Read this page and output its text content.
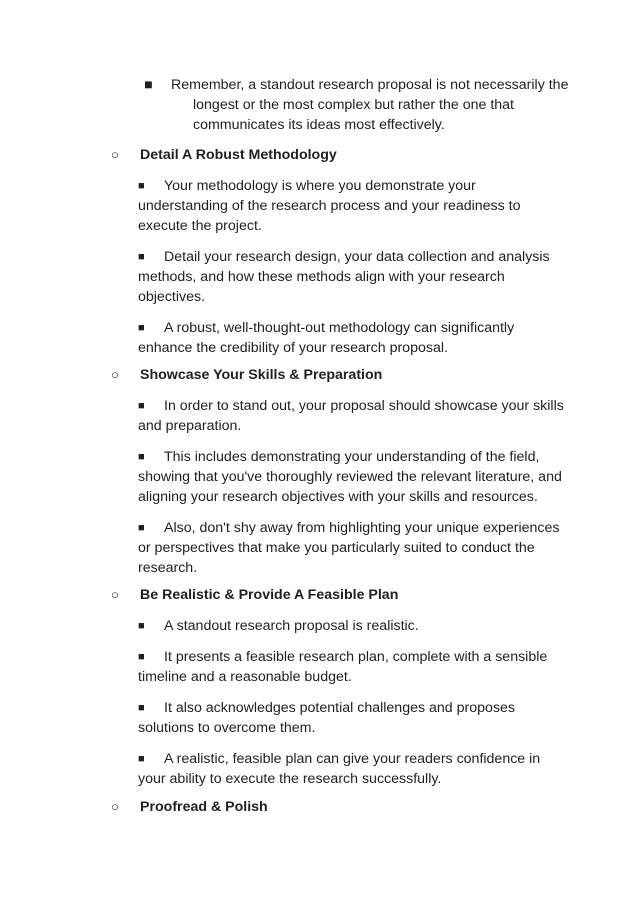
■	Remember, a standout research proposal is not necessarily the longest or the most complex but rather the one that communicates its ideas most effectively.
○ Detail A Robust Methodology
■ Your methodology is where you demonstrate your understanding of the research process and your readiness to execute the project.
■ Detail your research design, your data collection and analysis methods, and how these methods align with your research objectives.
■ A robust, well-thought-out methodology can significantly enhance the credibility of your research proposal.
○ Showcase Your Skills & Preparation
■ In order to stand out, your proposal should showcase your skills and preparation.
■ This includes demonstrating your understanding of the field, showing that you've thoroughly reviewed the relevant literature, and aligning your research objectives with your skills and resources.
■ Also, don't shy away from highlighting your unique experiences or perspectives that make you particularly suited to conduct the research.
○ Be Realistic & Provide A Feasible Plan
■ A standout research proposal is realistic.
■ It presents a feasible research plan, complete with a sensible timeline and a reasonable budget.
■ It also acknowledges potential challenges and proposes solutions to overcome them.
■ A realistic, feasible plan can give your readers confidence in your ability to execute the research successfully.
○ Proofread & Polish
